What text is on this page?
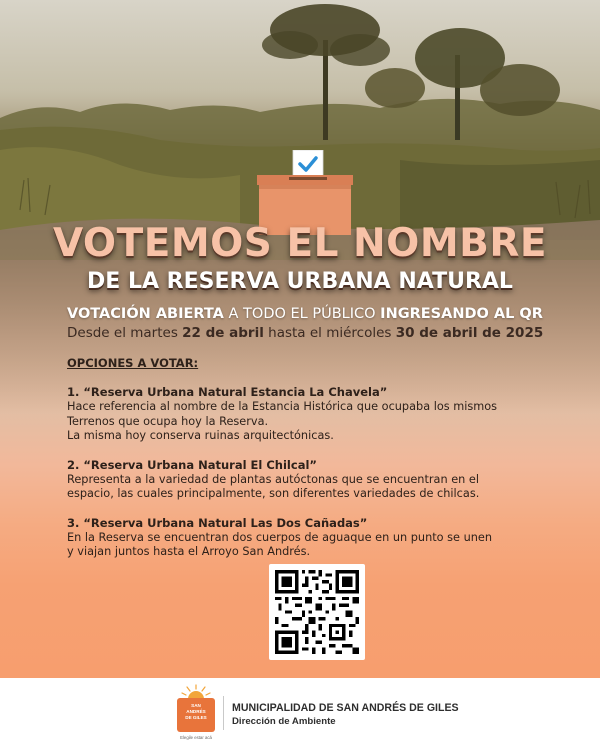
VOTEMOS EL NOMBRE
DE LA RESERVA URBANA NATURAL
VOTACIÓN ABIERTA A TODO EL PÚBLICO INGRESANDO AL QR
Desde el martes 22 de abril hasta el miércoles 30 de abril de 2025
OPCIONES A VOTAR:
1. “Reserva Urbana Natural Estancia La Chavela”
Hace referencia al nombre de la Estancia Histórica que ocupaba los mismos
Terrenos que ocupa hoy la Reserva.
La misma hoy conserva ruinas arquitectónicas.
2. “Reserva Urbana Natural El Chilcal”
Representa a la variedad de plantas autóctonas que se encuentran en el
espacio, las cuales principalmente, son diferentes variedades de chilcas.
3. “Reserva Urbana Natural Las Dos Cañadas”
En la Reserva se encuentran dos cuerpos de aguaque en un punto se unen
y viajan juntos hasta el Arroyo San Andrés.
SAN
ANDRÉS
DE GILES
Elegile estar acá
MUNICIPALIDAD DE SAN ANDRÉS DE GILES
Dirección de Ambiente
